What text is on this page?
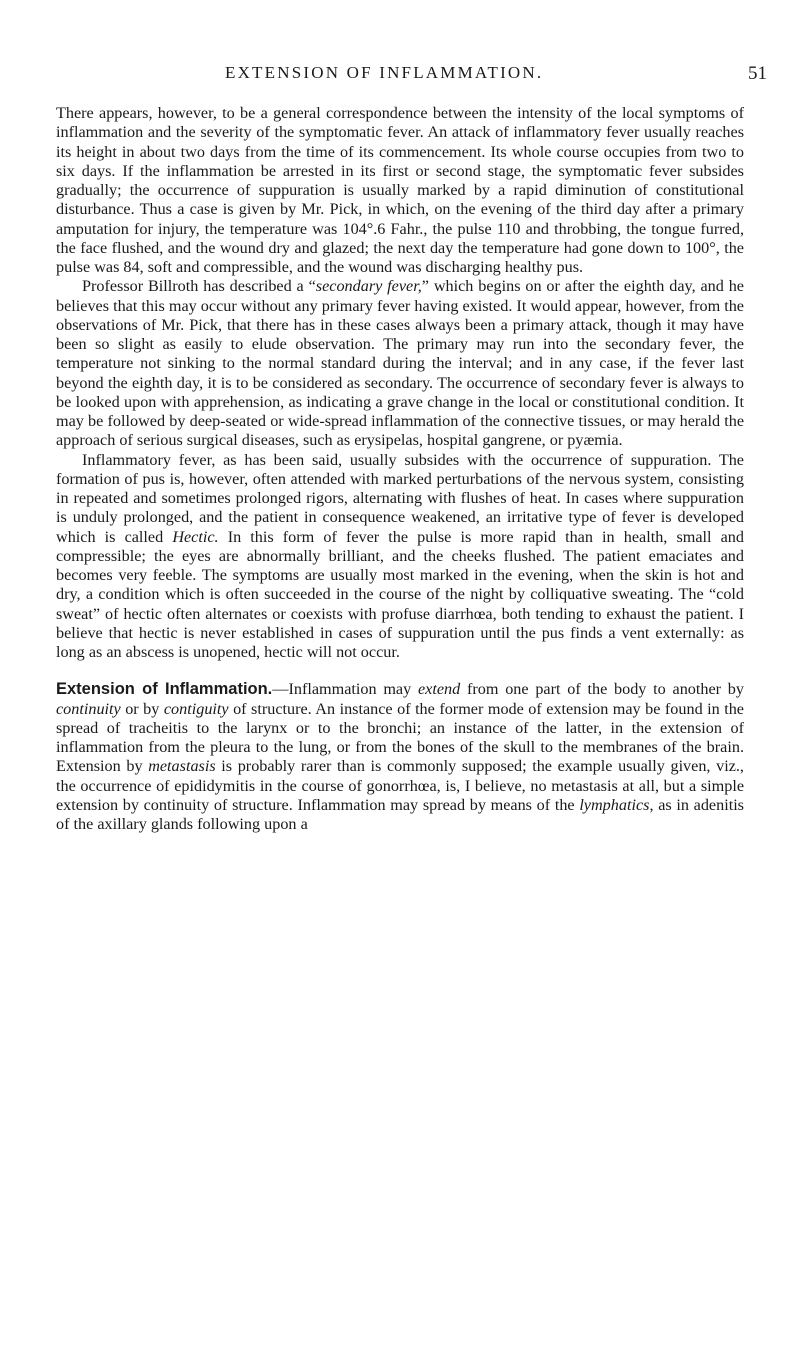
EXTENSION OF INFLAMMATION.	51

There appears, however, to be a general correspondence between the intensity of the local symptoms of inflammation and the severity of the symptomatic fever. An attack of inflammatory fever usually reaches its height in about two days from the time of its commencement. Its whole course occupies from two to six days. If the inflammation be arrested in its first or second stage, the symptomatic fever subsides gradually; the occurrence of suppuration is usually marked by a rapid diminution of constitutional disturbance. Thus a case is given by Mr. Pick, in which, on the evening of the third day after a primary amputation for injury, the temperature was 104°.6 Fahr., the pulse 110 and throbbing, the tongue furred, the face flushed, and the wound dry and glazed; the next day the temperature had gone down to 100°, the pulse was 84, soft and compressible, and the wound was discharging healthy pus.

Professor Billroth has described a “secondary fever,” which begins on or after the eighth day, and he believes that this may occur without any primary fever having existed. It would appear, however, from the observations of Mr. Pick, that there has in these cases always been a primary attack, though it may have been so slight as easily to elude observation. The primary may run into the secondary fever, the temperature not sinking to the normal standard during the interval; and in any case, if the fever last beyond the eighth day, it is to be considered as secondary. The occurrence of secondary fever is always to be looked upon with apprehension, as indicating a grave change in the local or constitutional condition. It may be followed by deep-seated or wide-spread inflammation of the connective tissues, or may herald the approach of serious surgical diseases, such as erysipelas, hospital gangrene, or pyæmia.

Inflammatory fever, as has been said, usually subsides with the occurrence of suppuration. The formation of pus is, however, often attended with marked perturbations of the nervous system, consisting in repeated and sometimes prolonged rigors, alternating with flushes of heat. In cases where suppuration is unduly prolonged, and the patient in consequence weakened, an irritative type of fever is developed which is called Hectic. In this form of fever the pulse is more rapid than in health, small and compressible; the eyes are abnormally brilliant, and the cheeks flushed. The patient emaciates and becomes very feeble. The symptoms are usually most marked in the evening, when the skin is hot and dry, a condition which is often succeeded in the course of the night by colliquative sweating. The “cold sweat” of hectic often alternates or coexists with profuse diarrhœa, both tending to exhaust the patient. I believe that hectic is never established in cases of suppuration until the pus finds a vent externally: as long as an abscess is unopened, hectic will not occur.

Extension of Inflammation.—Inflammation may extend from one part of the body to another by continuity or by contiguity of structure. An instance of the former mode of extension may be found in the spread of tracheitis to the larynx or to the bronchi; an instance of the latter, in the extension of inflammation from the pleura to the lung, or from the bones of the skull to the membranes of the brain. Extension by metastasis is probably rarer than is commonly supposed; the example usually given, viz., the occurrence of epididymitis in the course of gonorrhœa, is, I believe, no metastasis at all, but a simple extension by continuity of structure. Inflammation may spread by means of the lymphatics, as in adenitis of the axillary glands following upon a
